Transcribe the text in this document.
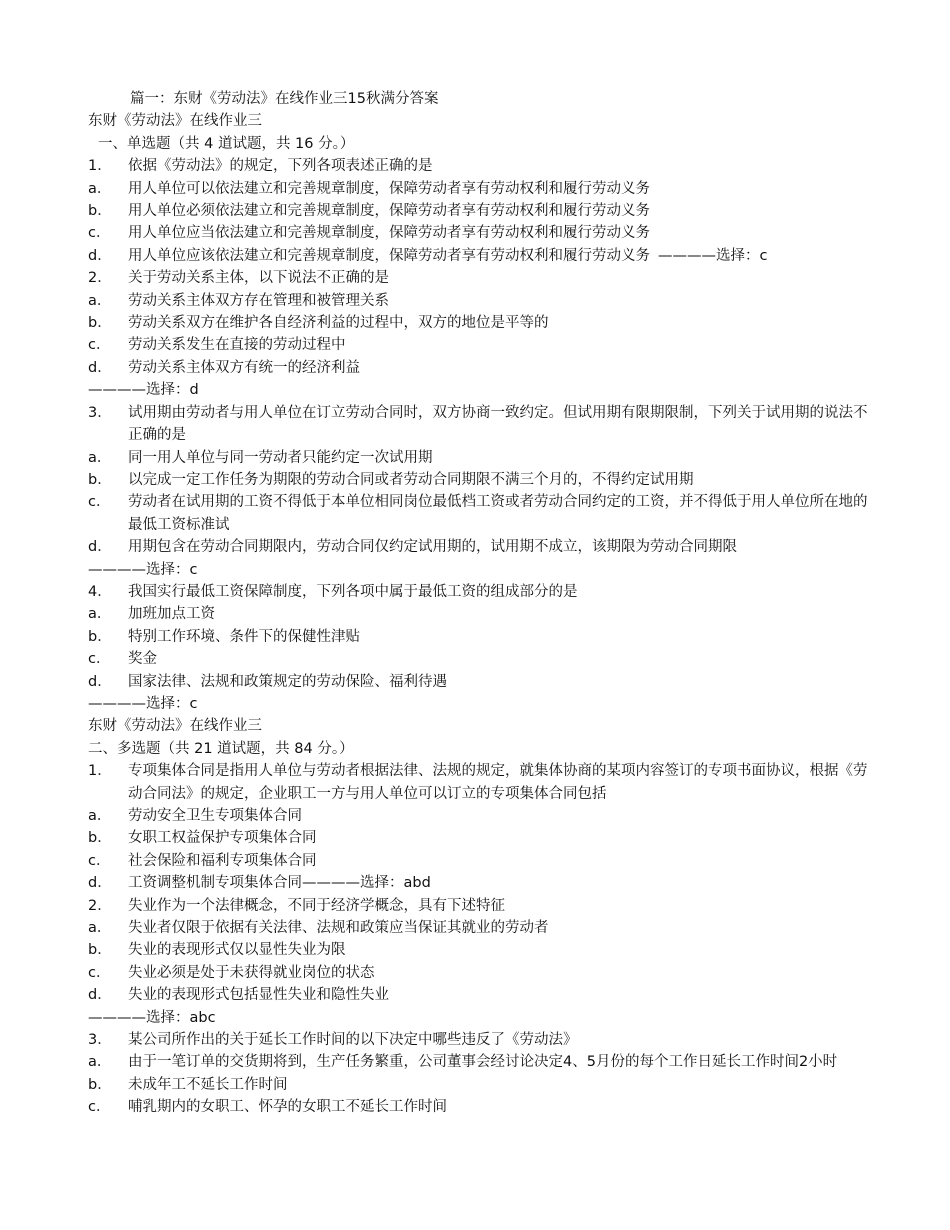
篇一：东财《劳动法》在线作业三15秋满分答案
东财《劳动法》在线作业三
一、单选题（共 4 道试题，共 16 分。）
1．	依据《劳动法》的规定，下列各项表述正确的是
a．	用人单位可以依法建立和完善规章制度，保障劳动者享有劳动权利和履行劳动义务
b．	用人单位必须依法建立和完善规章制度，保障劳动者享有劳动权利和履行劳动义务
c．	用人单位应当依法建立和完善规章制度，保障劳动者享有劳动权利和履行劳动义务
d．	用人单位应该依法建立和完善规章制度，保障劳动者享有劳动权利和履行劳动义务 ————选择：c
2．	关于劳动关系主体，以下说法不正确的是
a．	劳动关系主体双方存在管理和被管理关系
b．	劳动关系双方在维护各自经济利益的过程中，双方的地位是平等的
c．	劳动关系发生在直接的劳动过程中
d．	劳动关系主体双方有统一的经济利益
————选择：d
3．	试用期由劳动者与用人单位在订立劳动合同时，双方协商一致约定。但试用期有限期限制，下列关于试用期的说法不正确的是
a．	同一用人单位与同一劳动者只能约定一次试用期
b．	以完成一定工作任务为期限的劳动合同或者劳动合同期限不满三个月的，不得约定试用期
c．	劳动者在试用期的工资不得低于本单位相同岗位最低档工资或者劳动合同约定的工资，并不得低于用人单位所在地的最低工资标准试
d．	用期包含在劳动合同期限内，劳动合同仅约定试用期的，试用期不成立，该期限为劳动合同期限
————选择：c
4．	我国实行最低工资保障制度，下列各项中属于最低工资的组成部分的是
a．	加班加点工资
b．	特别工作环境、条件下的保健性津贴
c．	奖金
d．	国家法律、法规和政策规定的劳动保险、福利待遇
————选择：c
东财《劳动法》在线作业三
二、多选题（共 21 道试题，共 84 分。）
1．	专项集体合同是指用人单位与劳动者根据法律、法规的规定，就集体协商的某项内容签订的专项书面协议，根据《劳动合同法》的规定，企业职工一方与用人单位可以订立的专项集体合同包括
a．	劳动安全卫生专项集体合同
b．	女职工权益保护专项集体合同
c．	社会保险和福利专项集体合同
d．	工资调整机制专项集体合同————选择：abd
2．	失业作为一个法律概念，不同于经济学概念，具有下述特征
a．	失业者仅限于依据有关法律、法规和政策应当保证其就业的劳动者
b．	失业的表现形式仅以显性失业为限
c．	失业必须是处于未获得就业岗位的状态
d．	失业的表现形式包括显性失业和隐性失业
————选择：abc
3．	某公司所作出的关于延长工作时间的以下决定中哪些违反了《劳动法》
a．	由于一笔订单的交货期将到，生产任务繁重，公司董事会经讨论决定4、5月份的每个工作日延长工作时间2小时
b．	未成年工不延长工作时间
c．	哺乳期内的女职工、怀孕的女职工不延长工作时间
